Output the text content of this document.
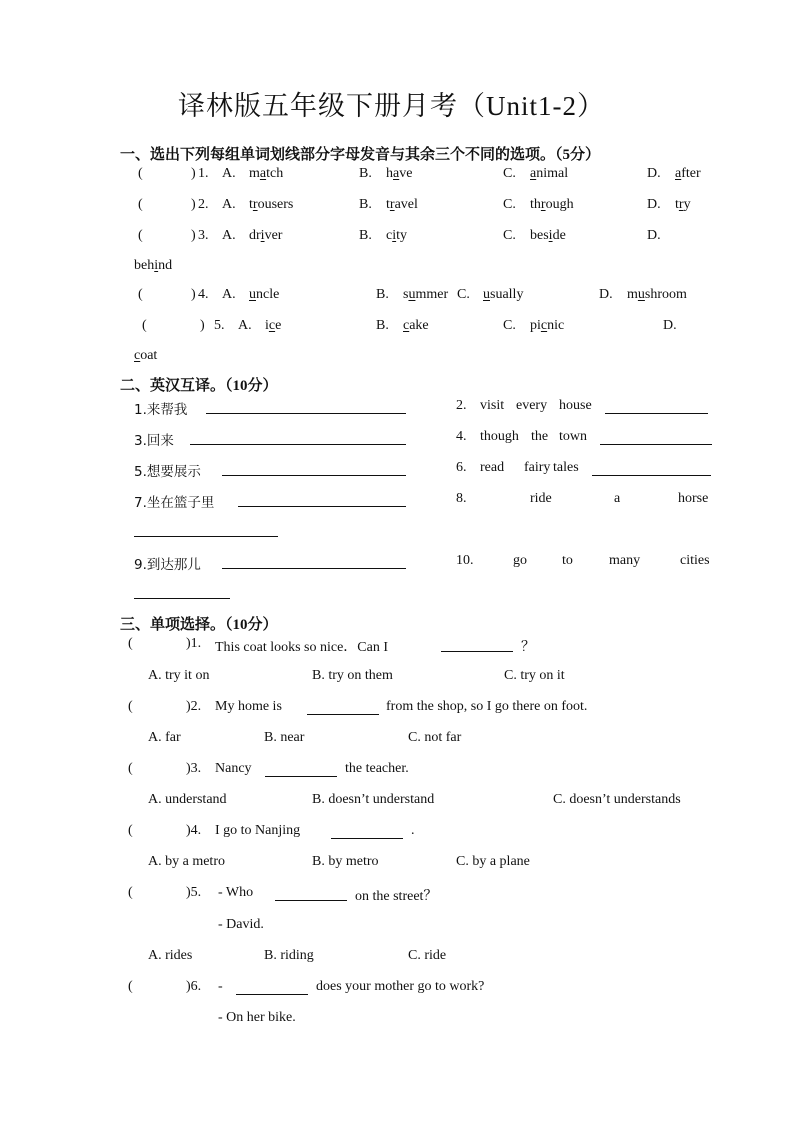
译林版五年级下册月考（Unit1-2）
一、选出下列每组单词划线部分字母发音与其余三个不同的选项。（5分）
(	) 1. A. match	B. have	C. animal	D. after
(	) 2. A. trousers	B. travel	C. through	D. try
(	) 3. A. driver	B. city	C. beside	D.
behind
(	) 4. A. uncle	B. summer C. usually	D. mushroom
(	) 5. A. ice	B. cake	C. picnic	D.
coat
二、英汉互译。（10分）
1.来帮我
3.回来
5.想要展示
7.坐在篮子里
9.到达那儿
2. visit every house
4. though the town
6. read fairy tales
8.	ride	a	horse
10.	go	to	many	cities
三、单项选择。（10分）
(	)1. This coat looks so nice．Can I	？
A. try it on	B. try on them	C. try on it
(	)2. My home is	from the shop, so I go there on foot.
A. far	B. near	C. not far
(	)3. Nancy	the teacher.
A. understand	B. doesn’t understand	C. doesn’t understands
(	)4. I go to Nanjing	.
A. by a metro	B. by metro	C. by a plane
(	)5. - Who	on the street？
- David.
A. rides	B. riding	C. ride
(	)6. -	does your mother go to work?
- On her bike.
